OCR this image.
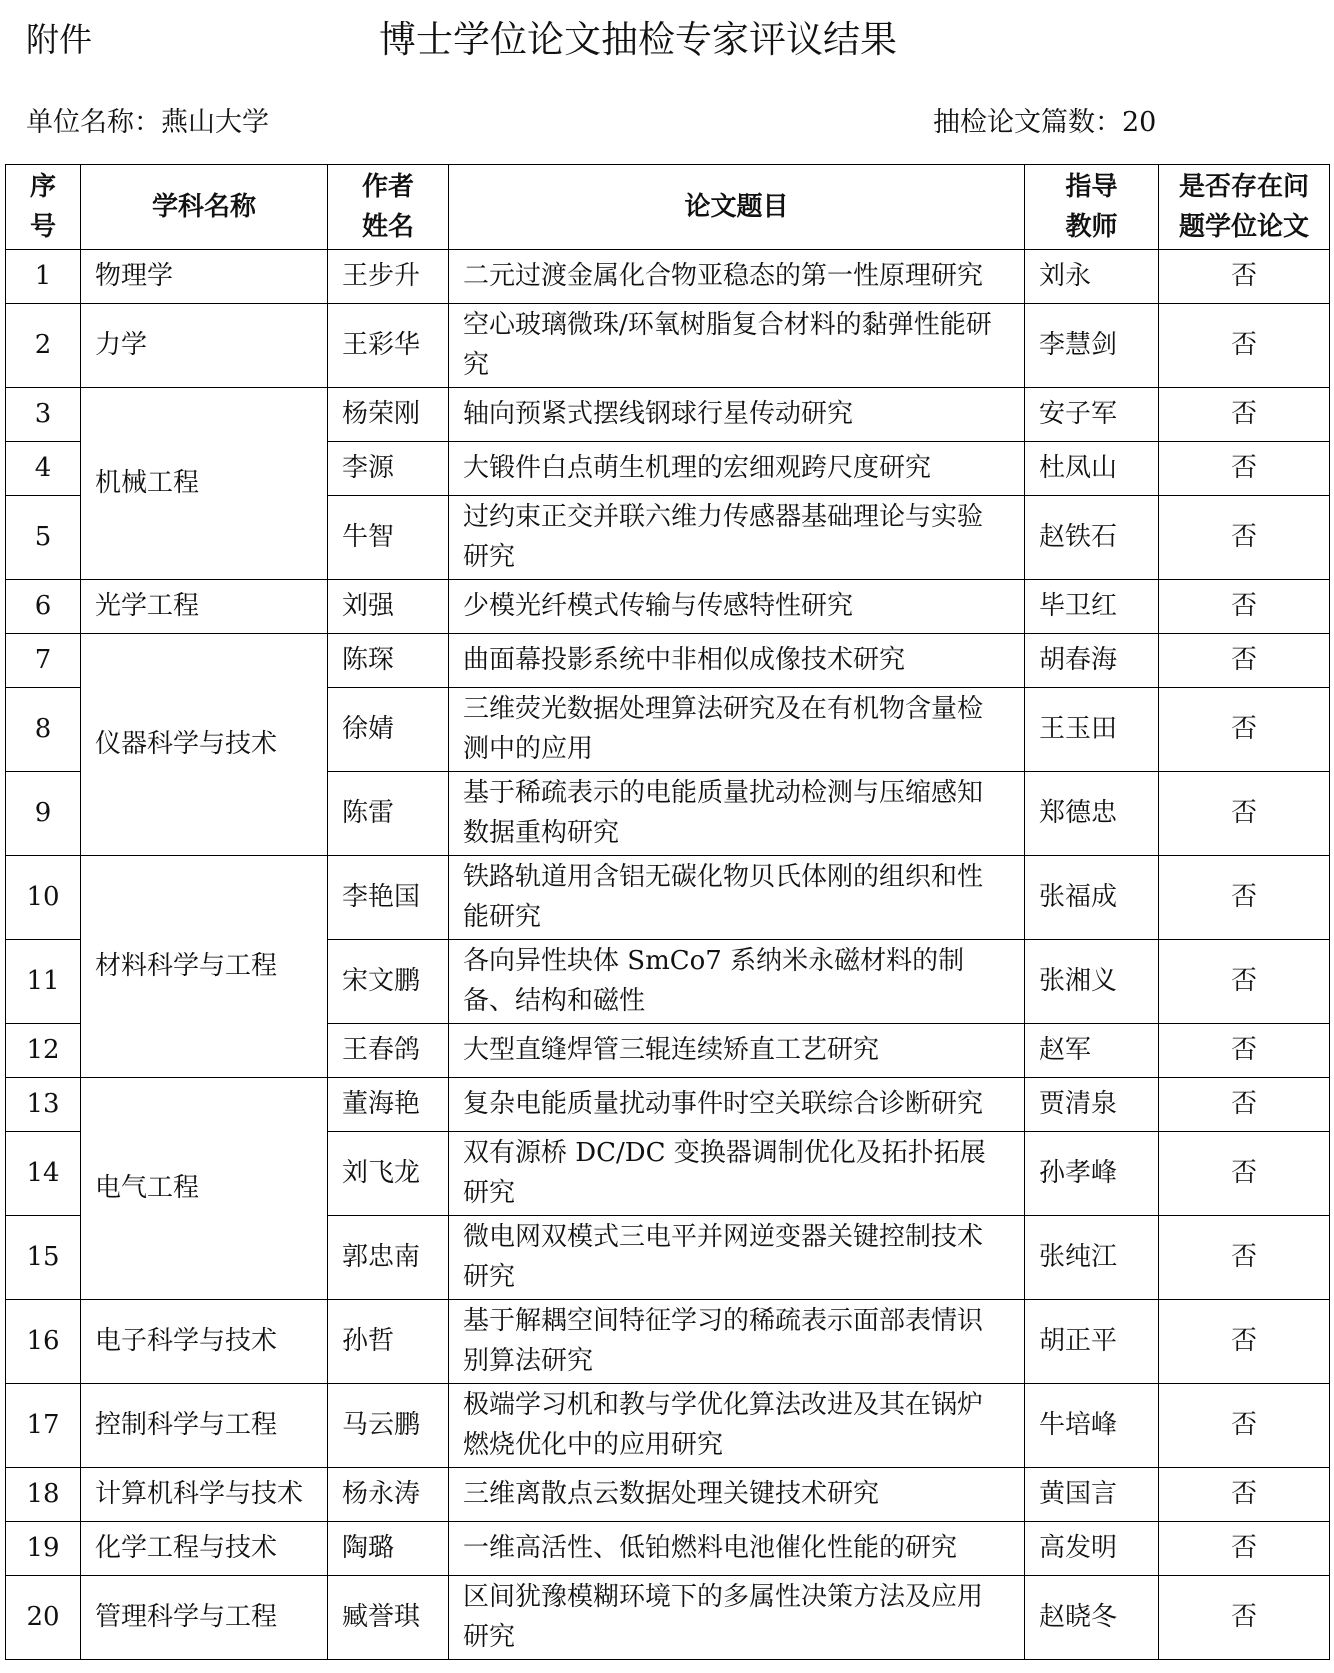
附件	博士学位论文抽检专家评议结果
单位名称：燕山大学	抽检论文篇数：20
序号	学科名称	作者姓名	论文题目	指导教师	是否存在问题学位论文
1	物理学	王步升	二元过渡金属化合物亚稳态的第一性原理研究	刘永	否
2	力学	王彩华	空心玻璃微珠/环氧树脂复合材料的黏弹性能研究	李慧剑	否
3	机械工程	杨荣刚	轴向预紧式摆线钢球行星传动研究	安子军	否
4		李源	大锻件白点萌生机理的宏细观跨尺度研究	杜凤山	否
5		牛智	过约束正交并联六维力传感器基础理论与实验研究	赵铁石	否
6	光学工程	刘强	少模光纤模式传输与传感特性研究	毕卫红	否
7	仪器科学与技术	陈琛	曲面幕投影系统中非相似成像技术研究	胡春海	否
8		徐婧	三维荧光数据处理算法研究及在有机物含量检测中的应用	王玉田	否
9		陈雷	基于稀疏表示的电能质量扰动检测与压缩感知数据重构研究	郑德忠	否
10	材料科学与工程	李艳国	铁路轨道用含铝无碳化物贝氏体刚的组织和性能研究	张福成	否
11		宋文鹏	各向异性块体 SmCo7 系纳米永磁材料的制备、结构和磁性	张湘义	否
12		王春鸽	大型直缝焊管三辊连续矫直工艺研究	赵军	否
13	电气工程	董海艳	复杂电能质量扰动事件时空关联综合诊断研究	贾清泉	否
14		刘飞龙	双有源桥 DC/DC 变换器调制优化及拓扑拓展研究	孙孝峰	否
15		郭忠南	微电网双模式三电平并网逆变器关键控制技术研究	张纯江	否
16	电子科学与技术	孙哲	基于解耦空间特征学习的稀疏表示面部表情识别算法研究	胡正平	否
17	控制科学与工程	马云鹏	极端学习机和教与学优化算法改进及其在锅炉燃烧优化中的应用研究	牛培峰	否
18	计算机科学与技术	杨永涛	三维离散点云数据处理关键技术研究	黄国言	否
19	化学工程与技术	陶璐	一维高活性、低铂燃料电池催化性能的研究	高发明	否
20	管理科学与工程	臧誉琪	区间犹豫模糊环境下的多属性决策方法及应用研究	赵晓冬	否
